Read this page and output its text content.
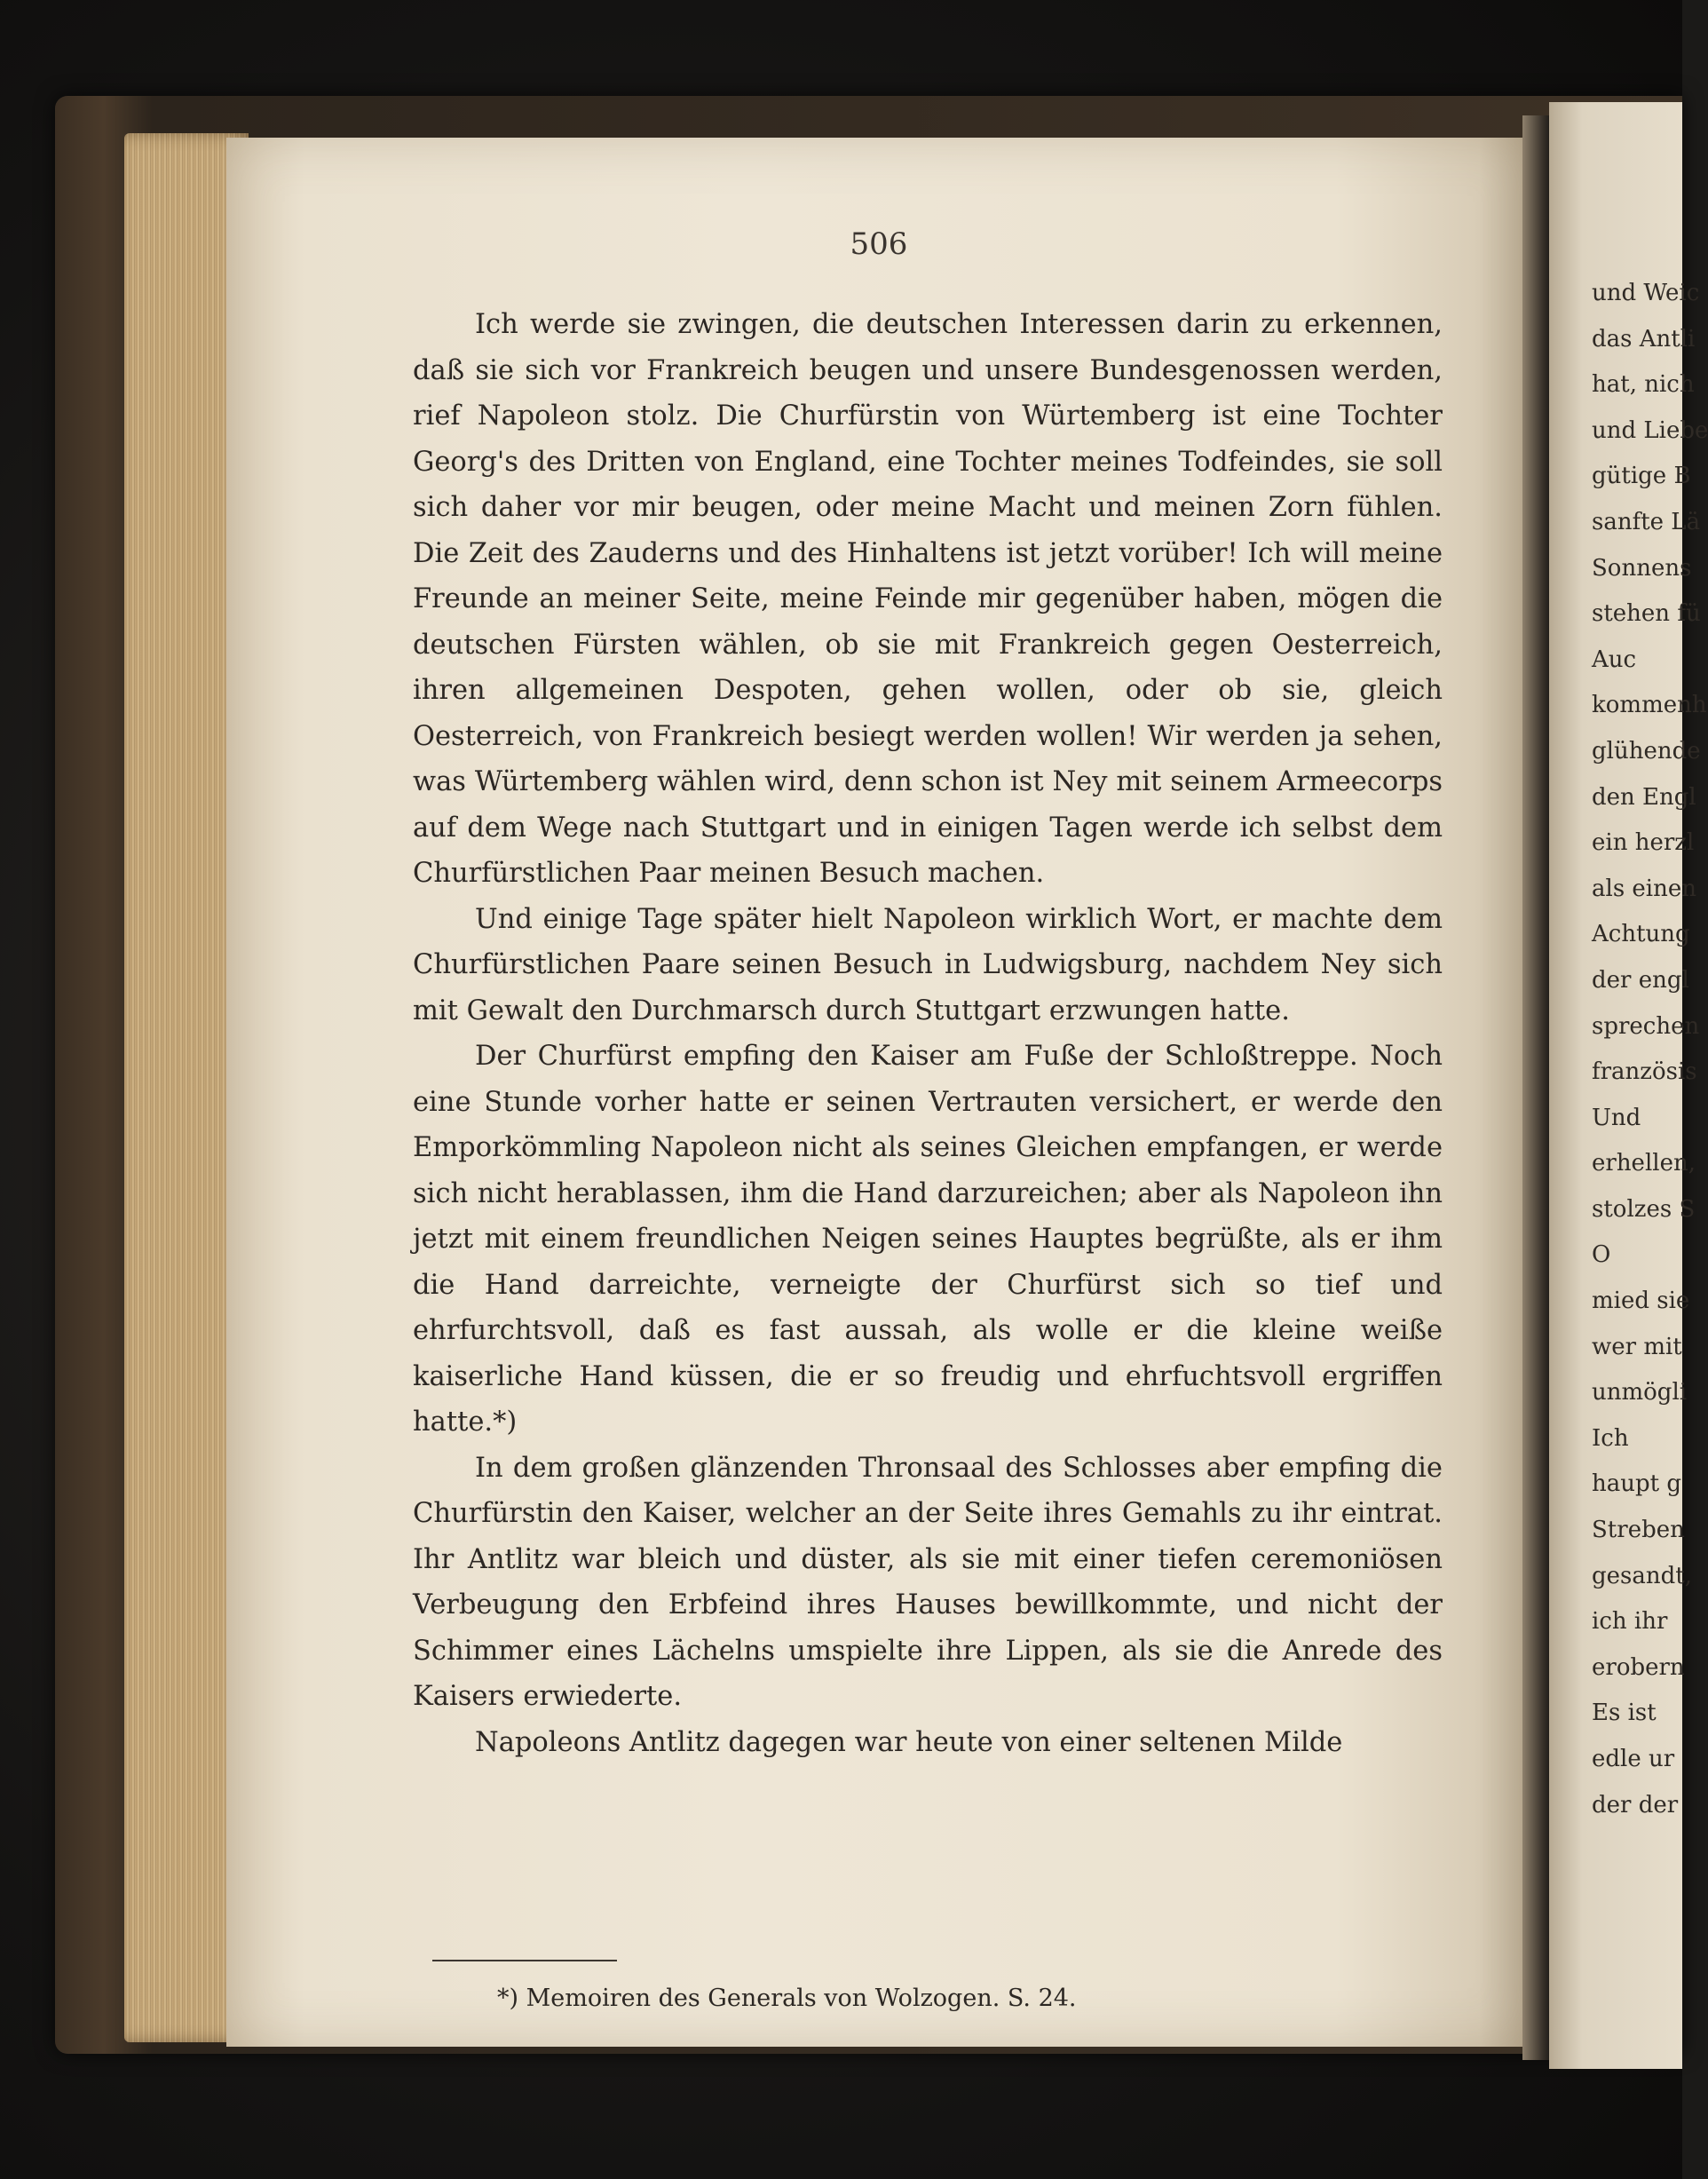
506

Ich werde sie zwingen, die deutschen Interessen darin zu erkennen, daß sie sich vor Frankreich beugen und unsere Bundesgenossen werden, rief Napoleon stolz. Die Churfürstin von Würtemberg ist eine Tochter Georg's des Dritten von England, eine Tochter meines Todfeindes, sie soll sich daher vor mir beugen, oder meine Macht und meinen Zorn fühlen. Die Zeit des Zauderns und des Hinhaltens ist jetzt vorüber! Ich will meine Freunde an meiner Seite, meine Feinde mir gegenüber haben, mögen die deutschen Fürsten wählen, ob sie mit Frankreich gegen Oesterreich, ihren allgemeinen Despoten, gehen wollen, oder ob sie, gleich Oesterreich, von Frankreich besiegt werden wollen! Wir werden ja sehen, was Würtemberg wählen wird, denn schon ist Ney mit seinem Armeecorps auf dem Wege nach Stuttgart und in einigen Tagen werde ich selbst dem Churfürstlichen Paar meinen Besuch machen.

Und einige Tage später hielt Napoleon wirklich Wort, er machte dem Churfürstlichen Paare seinen Besuch in Ludwigsburg, nachdem Ney sich mit Gewalt den Durchmarsch durch Stuttgart erzwungen hatte.

Der Churfürst empfing den Kaiser am Fuße der Schloßtreppe. Noch eine Stunde vorher hatte er seinen Vertrauten versichert, er werde den Emporkömmling Napoleon nicht als seines Gleichen empfangen, er werde sich nicht herablassen, ihm die Hand darzureichen; aber als Napoleon ihn jetzt mit einem freundlichen Neigen seines Hauptes begrüßte, als er ihm die Hand darreichte, verneigte der Churfürst sich so tief und ehrfurchtsvoll, daß es fast aussah, als wolle er die kleine weiße kaiserliche Hand küssen, die er so freudig und ehrfuchtsvoll ergriffen hatte.*)

In dem großen glänzenden Thronsaal des Schlosses aber empfing die Churfürstin den Kaiser, welcher an der Seite ihres Gemahls zu ihr eintrat. Ihr Antlitz war bleich und düster, als sie mit einer tiefen ceremoniösen Verbeugung den Erbfeind ihres Hauses bewillkommte, und nicht der Schimmer eines Lächelns umspielte ihre Lippen, als sie die Anrede des Kaisers erwiederte.

Napoleons Antlitz dagegen war heute von einer seltenen Milde

*) Memoiren des Generals von Wolzogen. S. 24.
und Weic
das Antli
hat, nich
und Liebe
gütige B
sanfte Lä
Sonnens
stehen fü
Auc
kommenh
glühende
den Engl
ein herzl
als einen
Achtung
der engl
sprechen
französis
Und
erhellen,
stolzes S
O
mied sie
wer mit
unmögli
Ich
haupt g
Streben
gesandt,
ich ihr
erobern
Es ist
edle ur
der der
